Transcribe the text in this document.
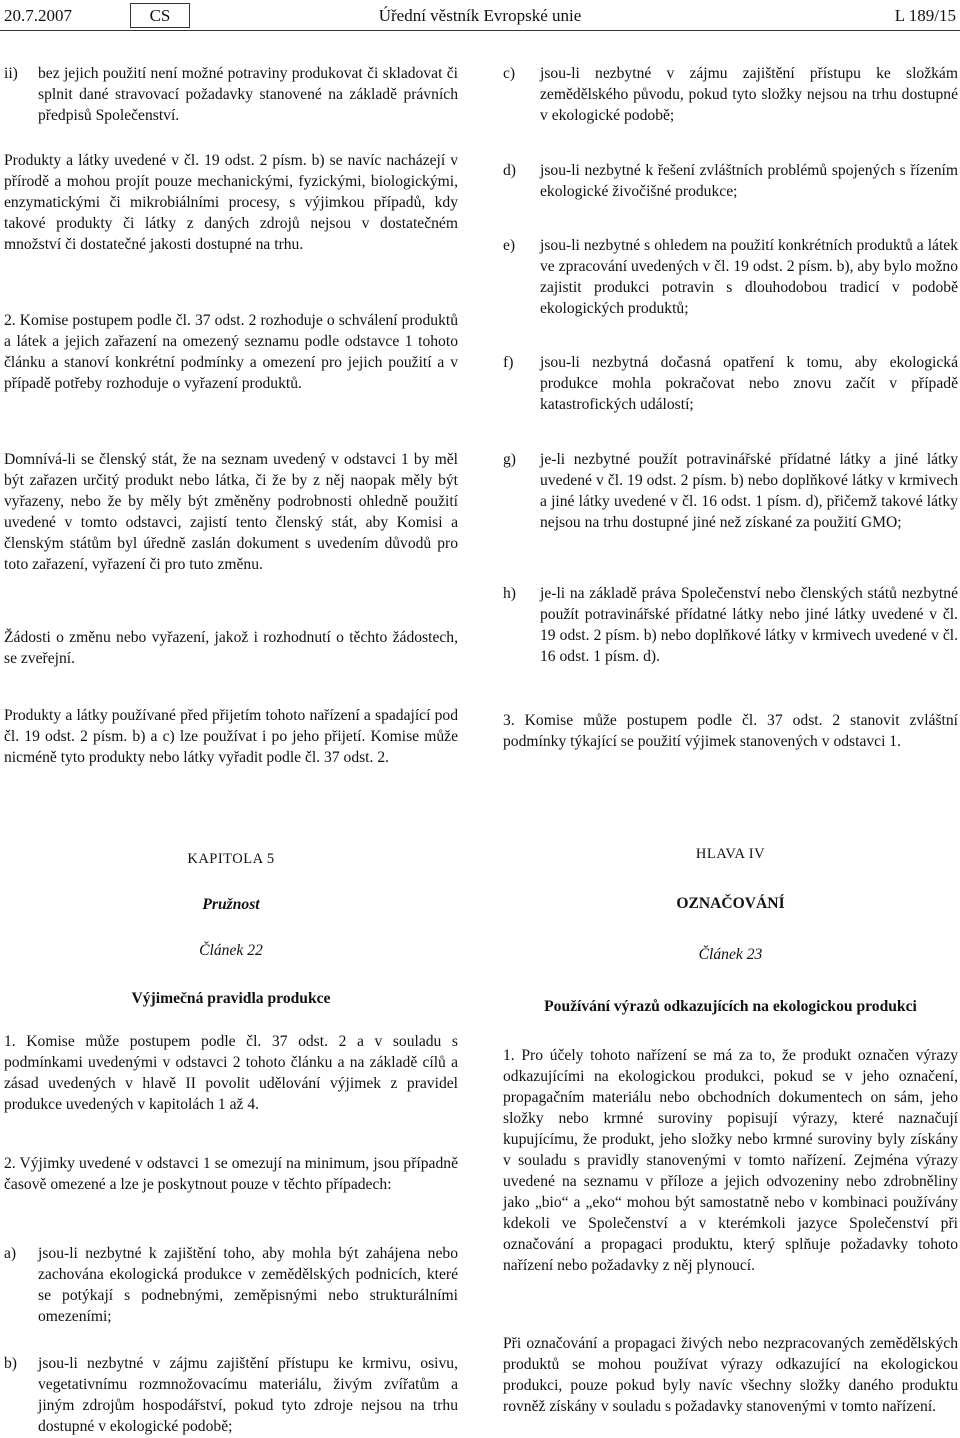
20.7.2007	Úřední věstník Evropské unie
CS	L 189/15
ii) bez jejich použití není možné potraviny produkovat či skladovat či splnit dané stravovací požadavky stanovené na základě právních předpisů Společenství.

Produkty a látky uvedené v čl. 19 odst. 2 písm. b) se navíc nacházejí v přírodě a mohou projít pouze mechanickými, fyzickými, biologickými, enzymatickými či mikrobiálními procesy, s výjimkou případů, kdy takové produkty či látky z daných zdrojů nejsou v dostatečném množství či dostatečné jakosti dostupné na trhu.

2. Komise postupem podle čl. 37 odst. 2 rozhoduje o schválení produktů a látek a jejich zařazení na omezený seznamu podle odstavce 1 tohoto článku a stanoví konkrétní podmínky a omezení pro jejich použití a v případě potřeby rozhoduje o vyřazení produktů.

Domnívá-li se členský stát, že na seznam uvedený v odstavci 1 by měl být zařazen určitý produkt nebo látka, či že by z něj naopak měly být vyřazeny, nebo že by měly být změněny podrobnosti ohledně použití uvedené v tomto odstavci, zajistí tento členský stát, aby Komisi a členským státům byl úředně zaslán dokument s uvedením důvodů pro toto zařazení, vyřazení či pro tuto změnu.

Žádosti o změnu nebo vyřazení, jakož i rozhodnutí o těchto žádostech, se zveřejní.

Produkty a látky používané před přijetím tohoto nařízení a spadající pod čl. 19 odst. 2 písm. b) a c) lze používat i po jeho přijetí. Komise může nicméně tyto produkty nebo látky vyřadit podle čl. 37 odst. 2.

KAPITOLA 5

Pružnost

Článek 22

Výjimečná pravidla produkce

1. Komise může postupem podle čl. 37 odst. 2 a v souladu s podmínkami uvedenými v odstavci 2 tohoto článku a na základě cílů a zásad uvedených v hlavě II povolit udělování výjimek z pravidel produkce uvedených v kapitolách 1 až 4.

2. Výjimky uvedené v odstavci 1 se omezují na minimum, jsou případně časově omezené a lze je poskytnout pouze v těchto případech:

a) jsou-li nezbytné k zajištění toho, aby mohla být zahájena nebo zachována ekologická produkce v zemědělských podnicích, které se potýkají s podnebnými, zeměpisnými nebo strukturálními omezeními;

b) jsou-li nezbytné v zájmu zajištění přístupu ke krmivu, osivu, vegetativnímu rozmnožovacímu materiálu, živým zvířatům a jiným zdrojům hospodářství, pokud tyto zdroje nejsou na trhu dostupné v ekologické podobě;

c) jsou-li nezbytné v zájmu zajištění přístupu ke složkám zemědělského původu, pokud tyto složky nejsou na trhu dostupné v ekologické podobě;

d) jsou-li nezbytné k řešení zvláštních problémů spojených s řízením ekologické živočišné produkce;

e) jsou-li nezbytné s ohledem na použití konkrétních produktů a látek ve zpracování uvedených v čl. 19 odst. 2 písm. b), aby bylo možno zajistit produkci potravin s dlouhodobou tradicí v podobě ekologických produktů;

f) jsou-li nezbytná dočasná opatření k tomu, aby ekologická produkce mohla pokračovat nebo znovu začít v případě katastrofických událostí;

g) je-li nezbytné použít potravinářské přídatné látky a jiné látky uvedené v čl. 19 odst. 2 písm. b) nebo doplňkové látky v krmivech a jiné látky uvedené v čl. 16 odst. 1 písm. d), přičemž takové látky nejsou na trhu dostupné jiné než získané za použití GMO;

h) je-li na základě práva Společenství nebo členských států nezbytné použít potravinářské přídatné látky nebo jiné látky uvedené v čl. 19 odst. 2 písm. b) nebo doplňkové látky v krmivech uvedené v čl. 16 odst. 1 písm. d).

3. Komise může postupem podle čl. 37 odst. 2 stanovit zvláštní podmínky týkající se použití výjimek stanovených v odstavci 1.

HLAVA IV

OZNAČOVÁNÍ

Článek 23

Používání výrazů odkazujících na ekologickou produkci

1. Pro účely tohoto nařízení se má za to, že produkt označen výrazy odkazujícími na ekologickou produkci, pokud se v jeho označení, propagačním materiálu nebo obchodních dokumentech on sám, jeho složky nebo krmné suroviny popisují výrazy, které naznačují kupujícímu, že produkt, jeho složky nebo krmné suroviny byly získány v souladu s pravidly stanovenými v tomto nařízení. Zejména výrazy uvedené na seznamu v příloze a jejich odvozeniny nebo zdrobněliny jako „bio“ a „eko“ mohou být samostatně nebo v kombinaci používány kdekoli ve Společenství a v kterémkoli jazyce Společenství při označování a propagaci produktu, který splňuje požadavky tohoto nařízení nebo požadavky z něj plynoucí.

Při označování a propagaci živých nebo nezpracovaných zemědělských produktů se mohou používat výrazy odkazující na ekologickou produkci, pouze pokud byly navíc všechny složky daného produktu rovněž získány v souladu s požadavky stanovenými v tomto nařízení.
